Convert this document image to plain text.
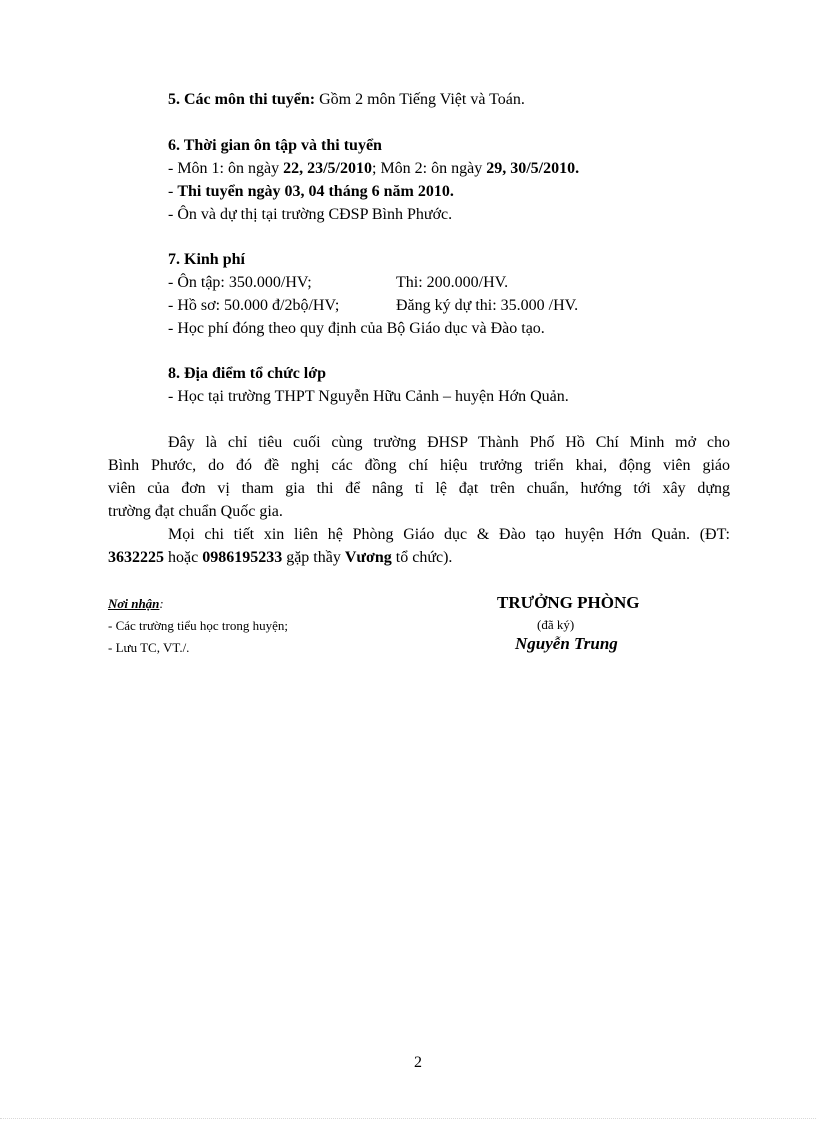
5. Các môn thi tuyển: Gồm 2 môn Tiếng Việt và Toán.
6. Thời gian ôn tập và thi tuyển
- Môn 1: ôn ngày 22, 23/5/2010; Môn 2: ôn ngày 29, 30/5/2010.
- Thi tuyển ngày 03, 04 tháng 6 năm 2010.
- Ôn và dự thị tại trường CĐSP Bình Phước.
7. Kinh phí
- Ôn tập: 350.000/HV;	Thi: 200.000/HV.
- Hồ sơ: 50.000 đ/2bộ/HV;	Đăng ký dự thi: 35.000 /HV.
- Học phí đóng theo quy định của Bộ Giáo dục và Đào tạo.
8. Địa điểm tổ chức lớp
- Học tại trường THPT Nguyễn Hữu Cảnh – huyện Hớn Quản.
Đây là chỉ tiêu cuối cùng trường ĐHSP Thành Phố Hồ Chí Minh mở cho
Bình Phước, do đó đề nghị các đồng chí hiệu trưởng triển khai, động viên giáo
viên của đơn vị tham gia thi để nâng tỉ lệ đạt trên chuẩn, hướng tới xây dựng
trường đạt chuẩn Quốc gia.
Mọi chi tiết xin liên hệ Phòng Giáo dục & Đào tạo huyện Hớn Quản. (ĐT:
3632225 hoặc 0986195233 gặp thầy Vương tổ chức).
Nơi nhận:
- Các trường tiểu học trong huyện;
- Lưu TC, VT./.
TRƯỞNG PHÒNG
(đã ký)
Nguyễn Trung
2
